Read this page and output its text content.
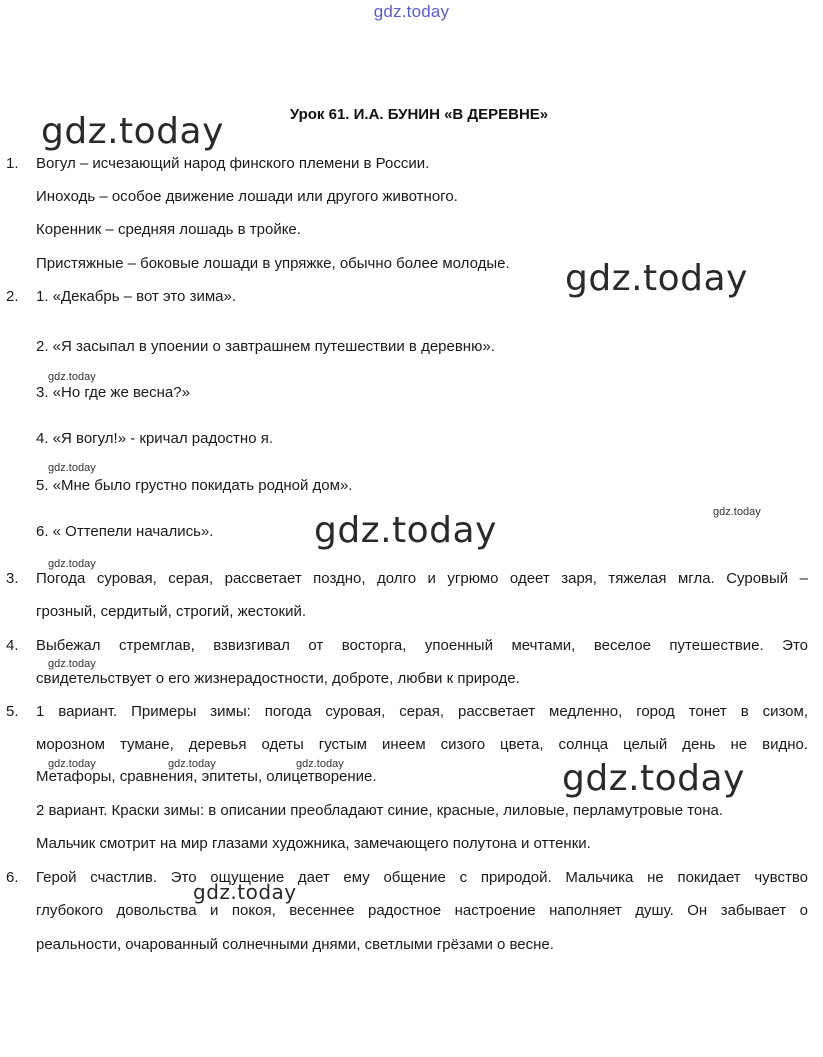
gdz.today
Урок 61. И.А. БУНИН «В ДЕРЕВНЕ»
1. Вогул – исчезающий народ финского племени в России.
Иноходь – особое движение лошади или другого животного.
Коренник – средняя лошадь в тройке.
Пристяжные – боковые лошади в упряжке, обычно более молодые.
2. 1. «Декабрь – вот это зима».
2. «Я засыпал в упоении о завтрашнем путешествии в деревню».
3. «Но где же весна?»
4. «Я вогул!» - кричал радостно я.
5. «Мне было грустно покидать родной дом».
6. « Оттепели начались».
3. Погода суровая, серая, рассветает поздно, долго и угрюмо одеет заря, тяжелая мгла. Суровый –
грозный, сердитый, строгий, жестокий.
4. Выбежал стремглав, взвизгивал от восторга, упоенный мечтами, веселое путешествие. Это
свидетельствует о его жизнерадостности, доброте, любви к природе.
5. 1 вариант. Примеры зимы: погода суровая, серая, рассветает медленно, город тонет в сизом,
морозном тумане, деревья одеты густым инеем сизого цвета, солнца целый день не видно.
Метафоры, сравнения, эпитеты, олицетворение.
2 вариант. Краски зимы: в описании преобладают синие, красные, лиловые, перламутровые тона.
Мальчик смотрит на мир глазами художника, замечающего полутона и оттенки.
6. Герой счастлив. Это ощущение дает ему общение с природой. Мальчика не покидает чувство
глубокого довольства и покоя, весеннее радостное настроение наполняет душу. Он забывает о
реальности, очарованный солнечными днями, светлыми грёзами о весне.
gdz.today
gdz.today
gdz.today
gdz.today
gdz.today
gdz.today
gdz.today
gdz.today
gdz.today
gdz.today	gdz.today	gdz.today
gdz.today
